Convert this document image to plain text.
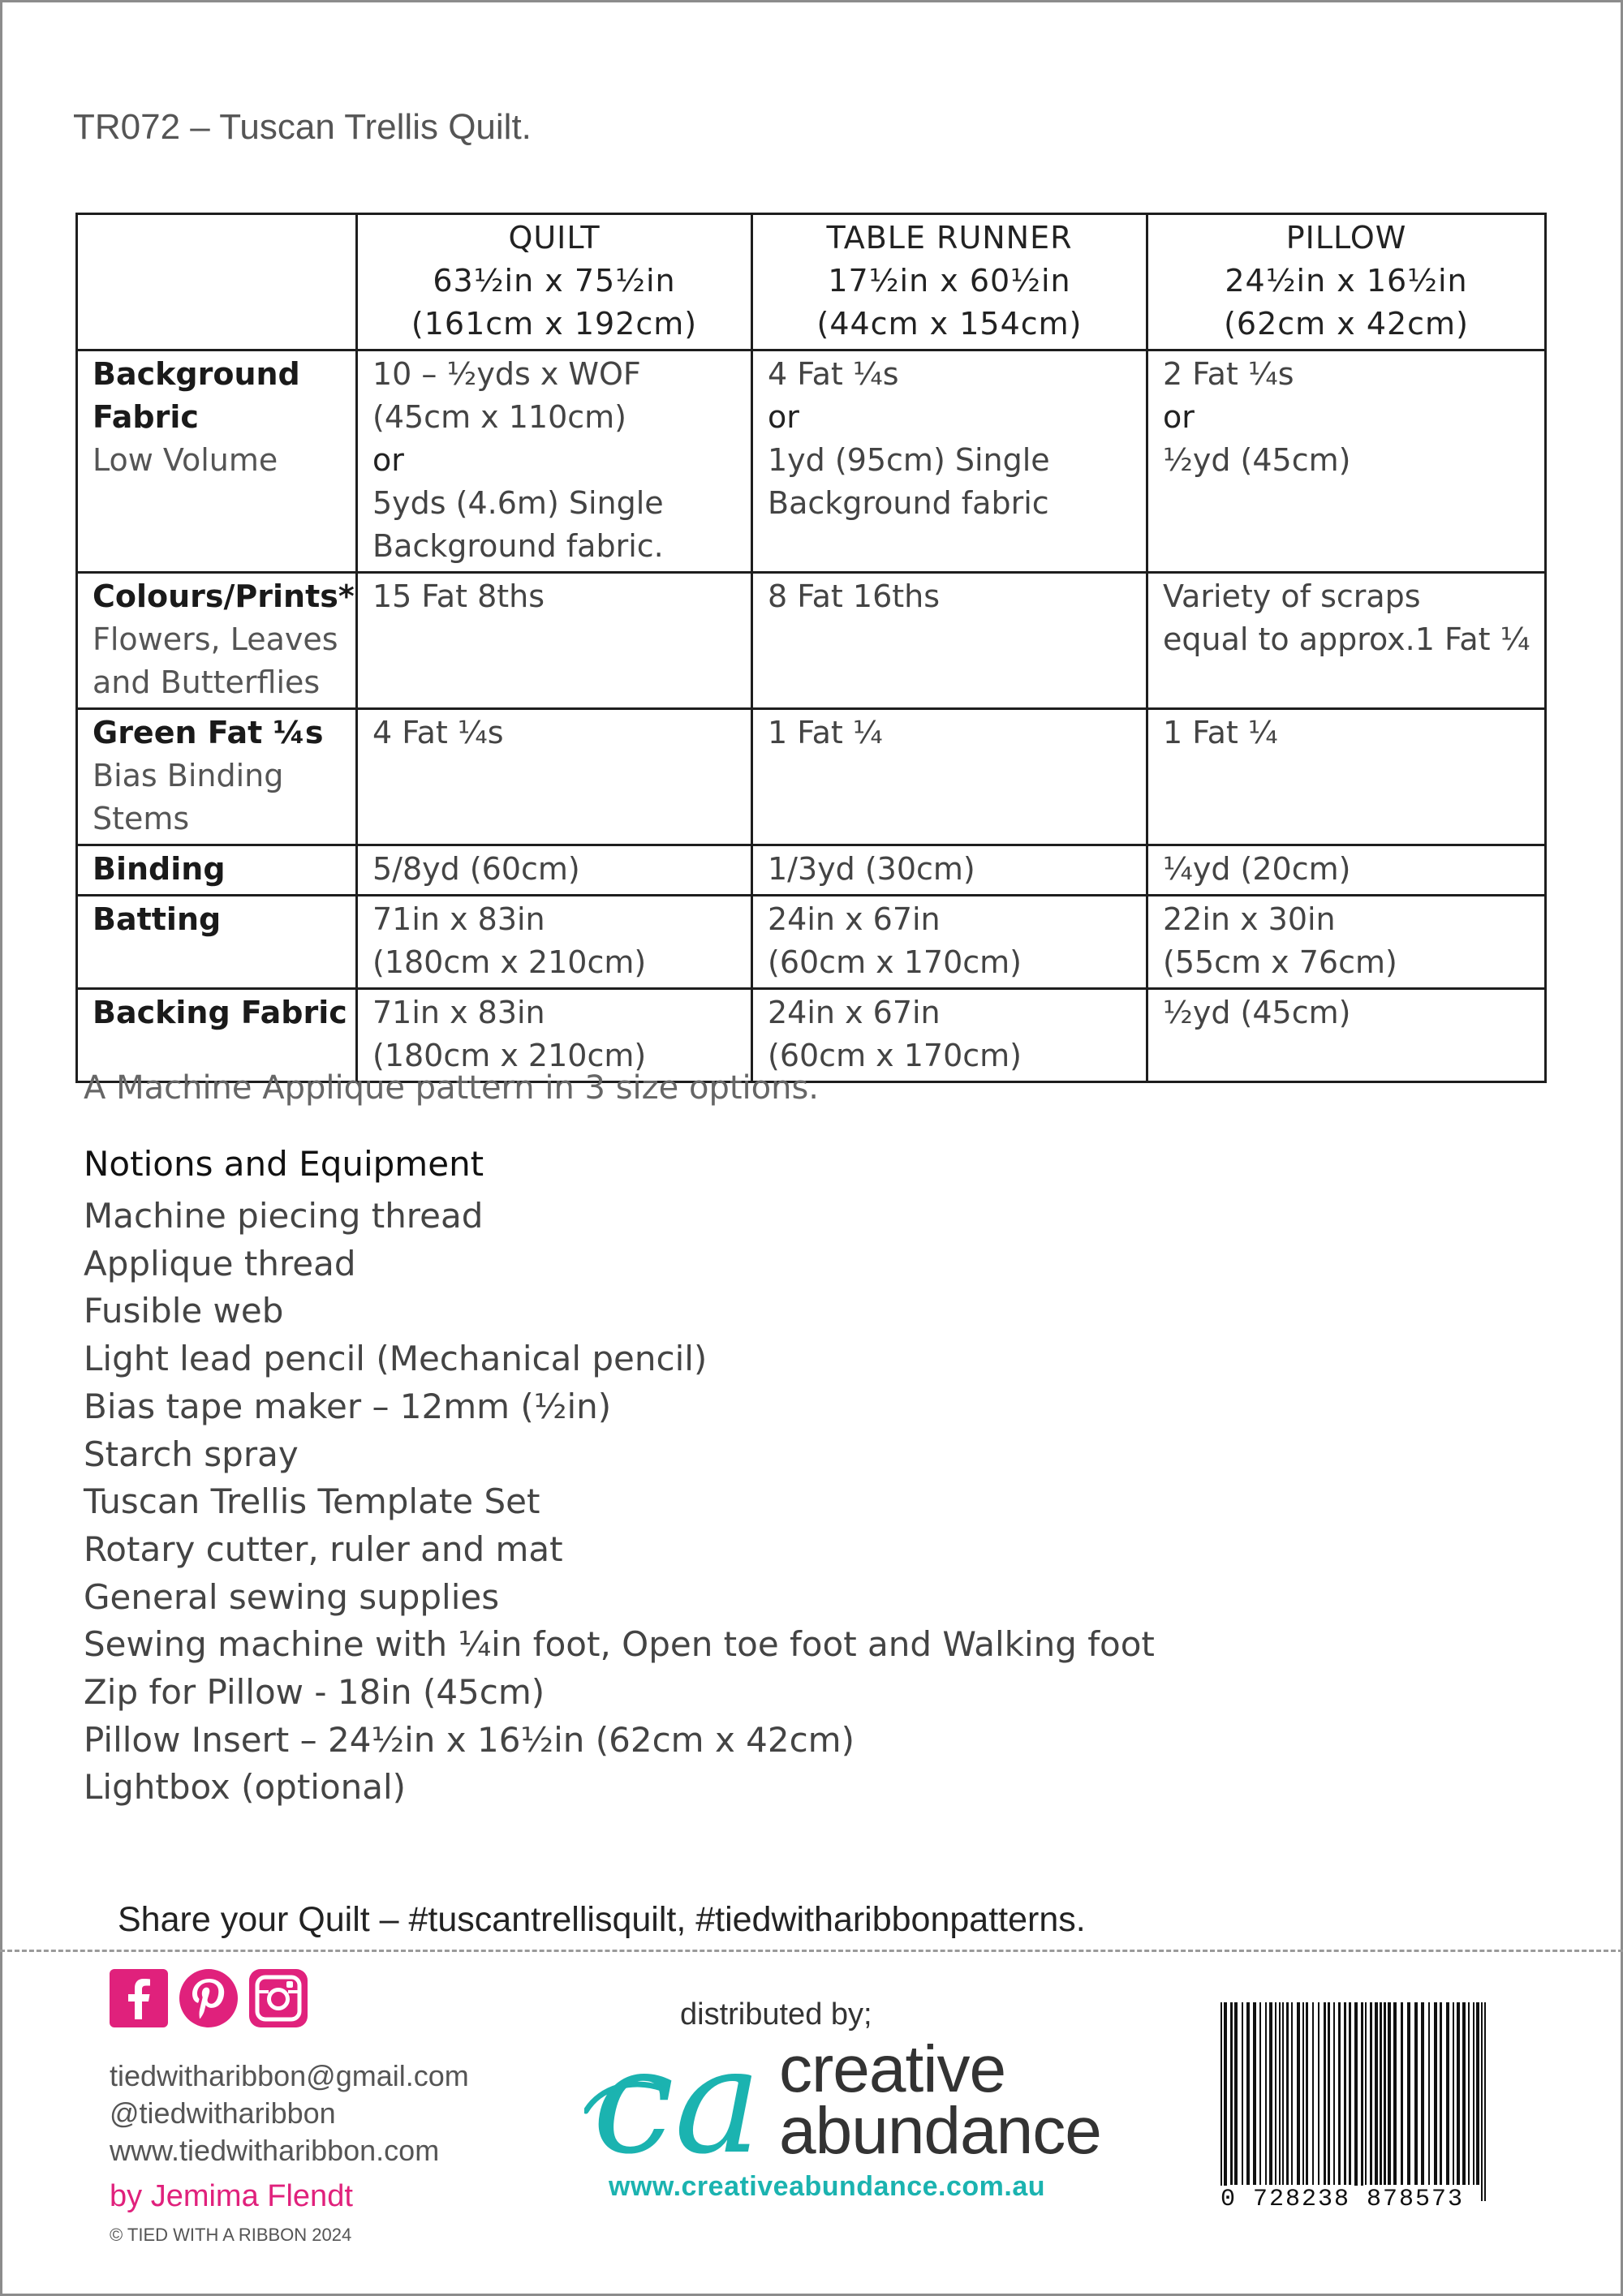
TR072 – Tuscan Trellis Quilt.

	QUILT
63½in x 75½in
(161cm x 192cm)	TABLE RUNNER
17½in x 60½in
(44cm x 154cm)	PILLOW
24½in x 16½in
(62cm x 42cm)

Background Fabric
Low Volume	10 – ½yds x WOF
(45cm x 110cm)
or
5yds (4.6m) Single
Background fabric.	4 Fat ¼s
or
1yd (95cm) Single
Background fabric	2 Fat ¼s
or
½yd (45cm)

Colours/Prints*
Flowers, Leaves and Butterflies	15 Fat 8ths	8 Fat 16ths	Variety of scraps
equal to approx.1 Fat ¼

Green Fat ¼s
Bias Binding Stems	4 Fat ¼s	1 Fat ¼	1 Fat ¼

Binding	5/8yd (60cm)	1/3yd (30cm)	¼yd (20cm)

Batting	71in x 83in
(180cm x 210cm)	24in x 67in
(60cm x 170cm)	22in x 30in
(55cm x 76cm)

Backing Fabric	71in x 83in
(180cm x 210cm)	24in x 67in
(60cm x 170cm)	½yd (45cm)
A Machine Applique pattern in 3 size options.
Notions and Equipment
Machine piecing thread
Applique thread
Fusible web
Light lead pencil (Mechanical pencil)
Bias tape maker – 12mm (½in)
Starch spray
Tuscan Trellis Template Set
Rotary cutter, ruler and mat
General sewing supplies
Sewing machine with ¼in foot, Open toe foot and Walking foot
Zip for Pillow - 18in (45cm)
Pillow Insert – 24½in x 16½in (62cm x 42cm)
Lightbox (optional)
Share your Quilt – #tuscantrellisquilt, #tiedwitharibbonpatterns.
tiedwitharibbon@gmail.com
@tiedwitharibbon
www.tiedwitharibbon.com
by Jemima Flendt
© TIED WITH A RIBBON 2024
ca
distributed by;
creative
abundance
www.creativeabundance.com.au	0 728238 878573
